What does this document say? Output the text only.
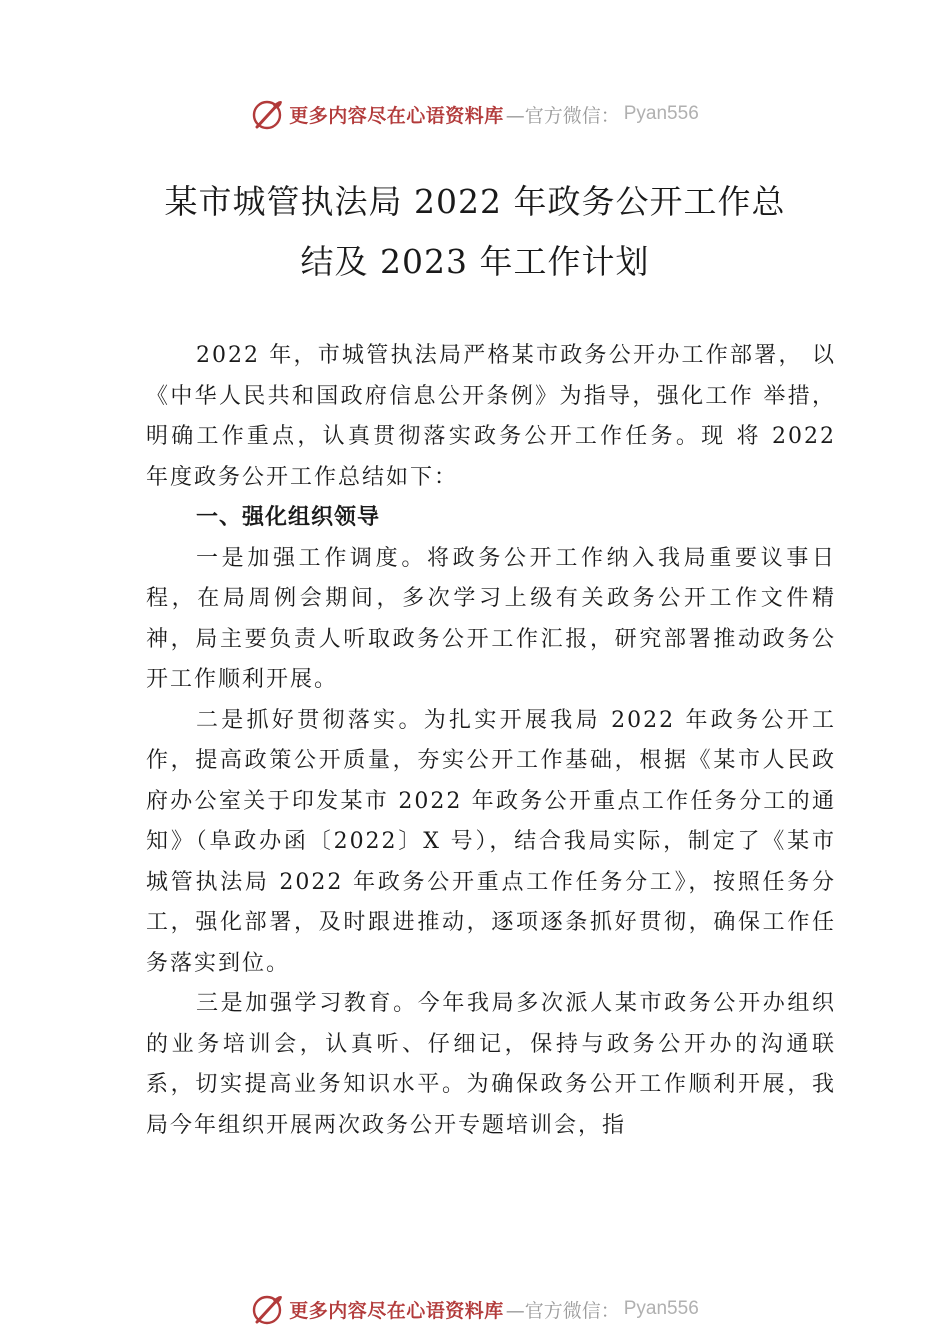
更多内容尽在心语资料库 —官方微信： Pyan556
某市城管执法局 2022 年政务公开工作总
结及 2023 年工作计划

2022 年，市城管执法局严格某市政务公开办工作部署， 以《中华人民共和国政府信息公开条例》为指导，强化工作 举措，明确工作重点，认真贯彻落实政务公开工作任务。现 将 2022 年度政务公开工作总结如下：

一、强化组织领导

一是加强工作调度。将政务公开工作纳入我局重要议事日程，在局周例会期间，多次学习上级有关政务公开工作文件精神，局主要负责人听取政务公开工作汇报，研究部署推动政务公开工作顺利开展。

二是抓好贯彻落实。为扎实开展我局 2022 年政务公开工作，提高政策公开质量，夯实公开工作基础，根据《某市人民政府办公室关于印发某市 2022 年政务公开重点工作任务分工的通知》（阜政办函〔2022〕X 号），结合我局实际，制定了《某市城管执法局 2022 年政务公开重点工作任务分工》，按照任务分工，强化部署，及时跟进推动，逐项逐条抓好贯彻，确保工作任务落实到位。

三是加强学习教育。今年我局多次派人某市政务公开办组织的业务培训会，认真听、仔细记，保持与政务公开办的沟通联系，切实提高业务知识水平。为确保政务公开工作顺利开展，我局今年组织开展两次政务公开专题培训会，指

更多内容尽在心语资料库 —官方微信： Pyan556
